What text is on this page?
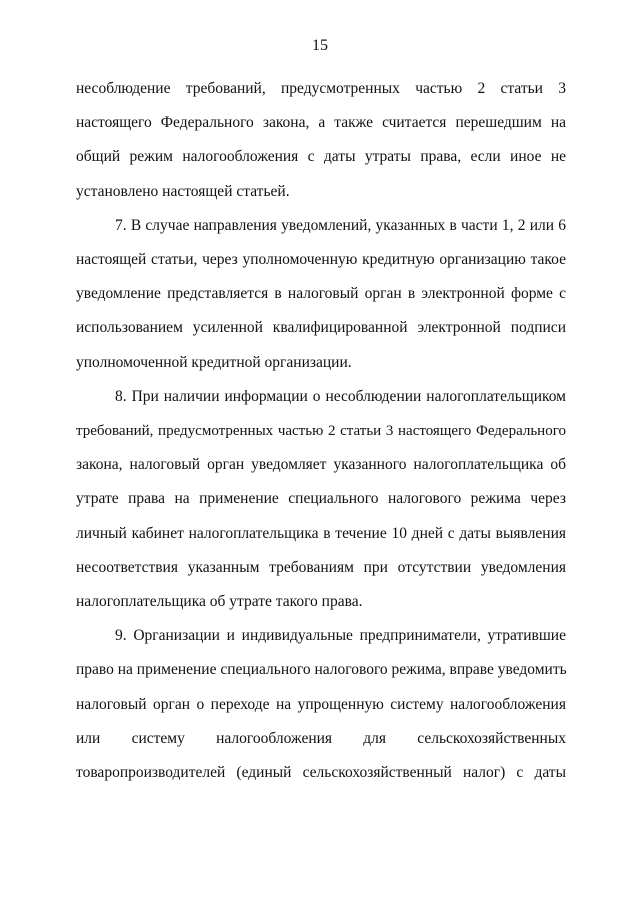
15

несоблюдение требований, предусмотренных частью 2 статьи 3

настоящего Федерального закона, а также считается перешедшим на

общий режим налогообложения с даты утраты права, если иное не

установлено настоящей статьей.

7. В случае направления уведомлений, указанных в части 1, 2 или 6

настоящей статьи, через уполномоченную кредитную организацию такое

уведомление представляется в налоговый орган в электронной форме с

использованием усиленной квалифицированной электронной подписи

уполномоченной кредитной организации.

8. При наличии информации о несоблюдении налогоплательщиком

требований, предусмотренных частью 2 статьи 3 настоящего Федерального

закона, налоговый орган уведомляет указанного налогоплательщика об

утрате права на применение специального налогового режима через

личный кабинет налогоплательщика в течение 10 дней с даты выявления

несоответствия указанным требованиям при отсутствии уведомления

налогоплательщика об утрате такого права.

9. Организации и индивидуальные предприниматели, утратившие

право на применение специального налогового режима, вправе уведомить

налоговый орган о переходе на упрощенную систему налогообложения

или систему налогообложения для сельскохозяйственных

товаропроизводителей (единый сельскохозяйственный налог) с даты
